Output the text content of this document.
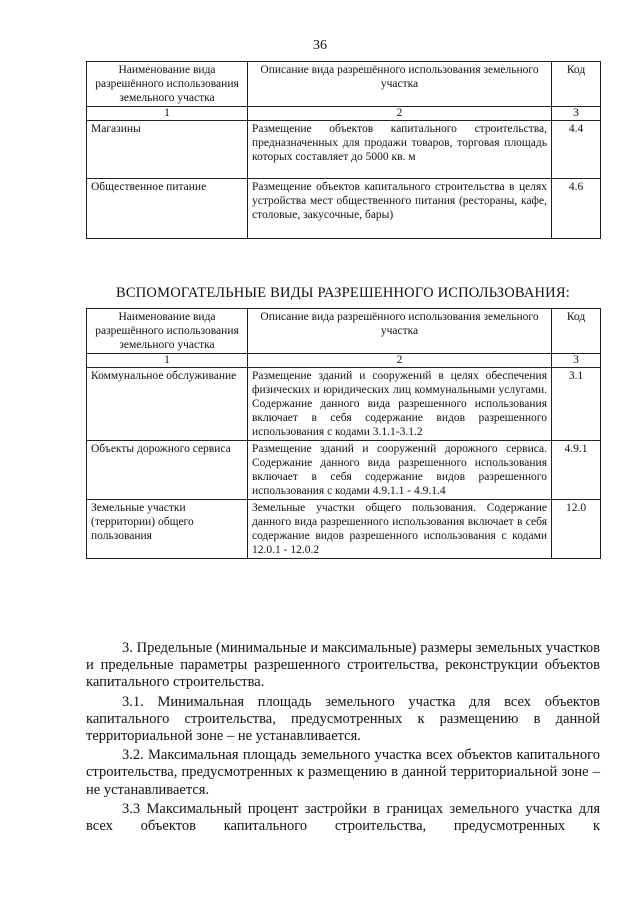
36
Наименование вида разрешённого использования земельного участка	Описание вида разрешённого использования земельного участка	Код
1	2	3
Магазины	Размещение объектов капитального строительства, предназначенных для продажи товаров, торговая площадь которых составляет до 5000 кв. м	4.4
Общественное питание	Размещение объектов капитального строительства в целях устройства мест общественного питания (рестораны, кафе, столовые, закусочные, бары)	4.6
ВСПОМОГАТЕЛЬНЫЕ ВИДЫ РАЗРЕШЕННОГО ИСПОЛЬЗОВАНИЯ:
Наименование вида разрешённого использования земельного участка	Описание вида разрешённого использования земельного участка	Код
1	2	3
Коммунальное обслуживание	Размещение зданий и сооружений в целях обеспечения физических и юридических лиц коммунальными услугами. Содержание данного вида разрешенного использования включает в себя содержание видов разрешенного использования с кодами 3.1.1-3.1.2	3.1
Объекты дорожного сервиса	Размещение зданий и сооружений дорожного сервиса. Содержание данного вида разрешенного использования включает в себя содержание видов разрешенного использования с кодами 4.9.1.1 - 4.9.1.4	4.9.1
Земельные участки (территории) общего пользования	Земельные участки общего пользования. Содержание данного вида разрешенного использования включает в себя содержание видов разрешенного использования с кодами 12.0.1 - 12.0.2	12.0

3. Предельные (минимальные и максимальные) размеры земельных участков и предельные параметры разрешенного строительства, реконструкции объектов капитального строительства.

3.1. Минимальная площадь земельного участка для всех объектов капитального строительства, предусмотренных к размещению в данной территориальной зоне – не устанавливается.

3.2. Максимальная площадь земельного участка всех объектов капитального строительства, предусмотренных к размещению в данной территориальной зоне – не устанавливается.

3.3 Максимальный процент застройки в границах земельного участка для всех объектов капитального строительства, предусмотренных к
